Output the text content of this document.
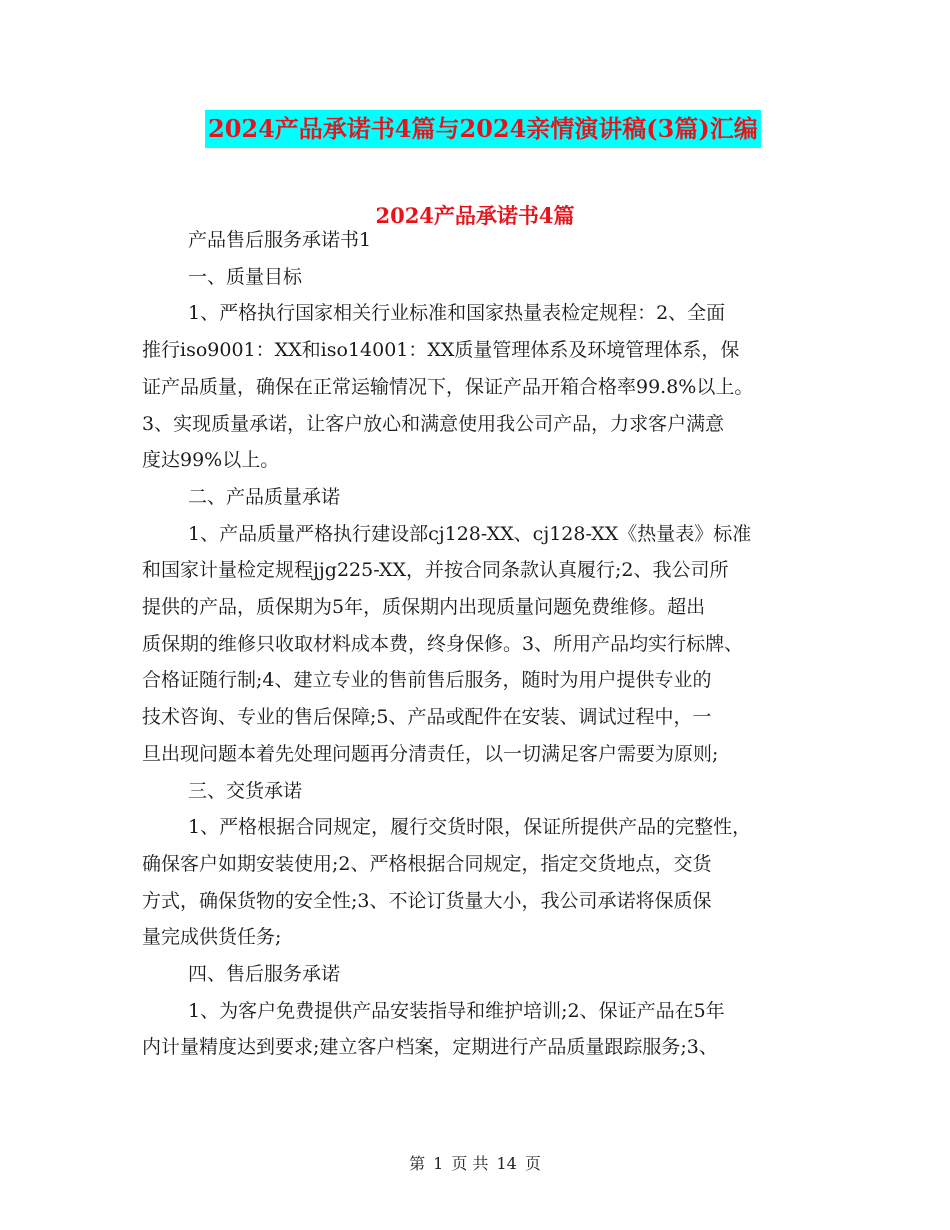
2024产品承诺书4篇与2024亲情演讲稿(3篇)汇编
2024产品承诺书4篇
产品售后服务承诺书1
一、质量目标
1、严格执行国家相关行业标准和国家热量表检定规程：2、全面
推行iso9001：XX和iso14001：XX质量管理体系及环境管理体系，保
证产品质量，确保在正常运输情况下，保证产品开箱合格率99.8%以上。
3、实现质量承诺，让客户放心和满意使用我公司产品，力求客户满意
度达99%以上。
二、产品质量承诺
1、产品质量严格执行建设部cj128-XX、cj128-XX《热量表》标准
和国家计量检定规程jjg225-XX，并按合同条款认真履行;2、我公司所
提供的产品，质保期为5年，质保期内出现质量问题免费维修。超出
质保期的维修只收取材料成本费，终身保修。3、所用产品均实行标牌、
合格证随行制;4、建立专业的售前售后服务，随时为用户提供专业的
技术咨询、专业的售后保障;5、产品或配件在安装、调试过程中，一
旦出现问题本着先处理问题再分清责任，以一切满足客户需要为原则;
三、交货承诺
1、严格根据合同规定，履行交货时限，保证所提供产品的完整性，
确保客户如期安装使用;2、严格根据合同规定，指定交货地点，交货
方式，确保货物的安全性;3、不论订货量大小，我公司承诺将保质保
量完成供货任务;
四、售后服务承诺
1、为客户免费提供产品安装指导和维护培训;2、保证产品在5年
内计量精度达到要求;建立客户档案，定期进行产品质量跟踪服务;3、
第 1 页 共 14 页
